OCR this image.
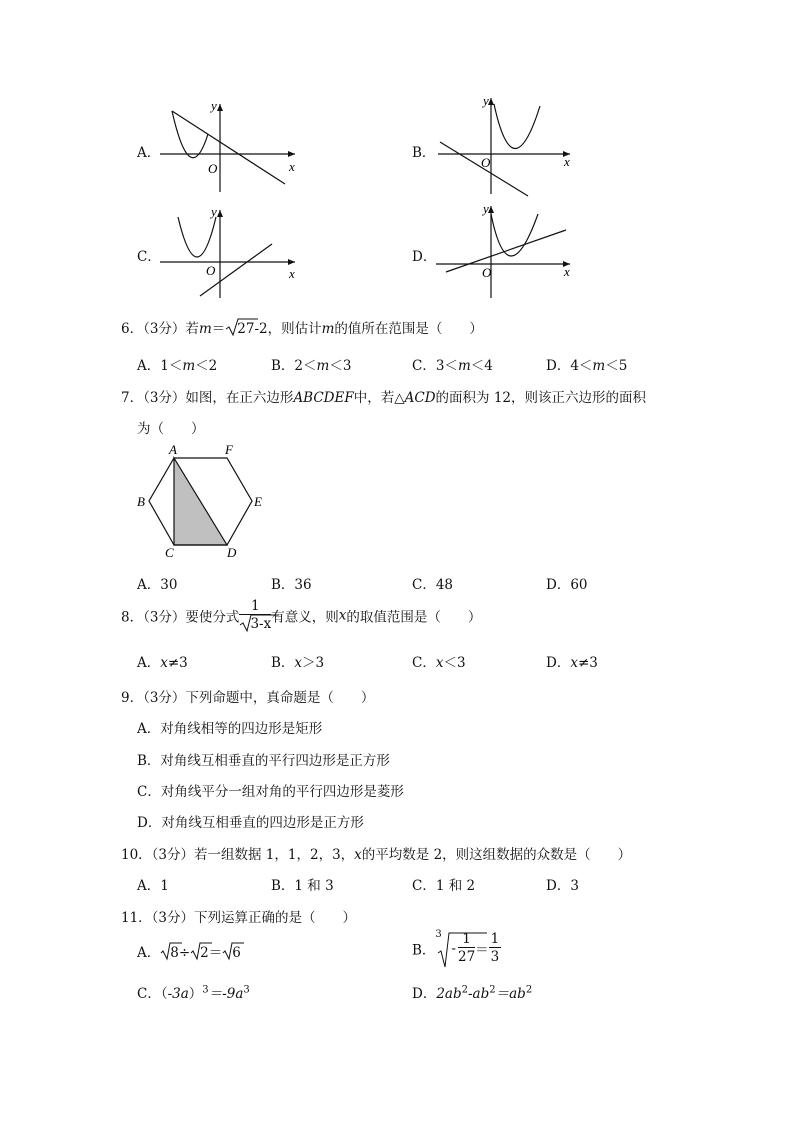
A．
y
x
O
B．
y
x
O
C．
y
x
O
D．
y
x
O
6．（3分）若m＝ 27-2，则估计m的值所在范围是（　　）
A．1＜m＜2	B．2＜m＜3	C．3＜m＜4	D．4＜m＜5
7．（3分）如图，在正六边形ABCDEF中，若△ACD的面积为 12，则该正六边形的面积
为（　　）
A	F
B	E
C	D
A．30	B．36	C．48	D．60
8．（3分）要使分式 $\frac{1}{3-x}$ 有意义，则x的取值范围是（　　）
A．x≠3	B．x＞3	C．x＜3	D．x≠3
9．（3分）下列命题中，真命题是（　　）
A．对角线相等的四边形是矩形
B．对角线互相垂直的平行四边形是正方形
C．对角线平分一组对角的平行四边形是菱形
D．对角线互相垂直的四边形是正方形
10．（3分）若一组数据 1，1，2，3，x的平均数是 2，则这组数据的众数是（　　）
A．1	B．1 和 3	C．1 和 2	D．3
11．（3分）下列运算正确的是（　　）
A． 8÷ 2＝ 6	B．
3
- $\frac{1}{27} = \frac{1}{3}$
C．$(-3a)^3=-9a^3$	D．$2ab^2-ab^2=ab^2$
